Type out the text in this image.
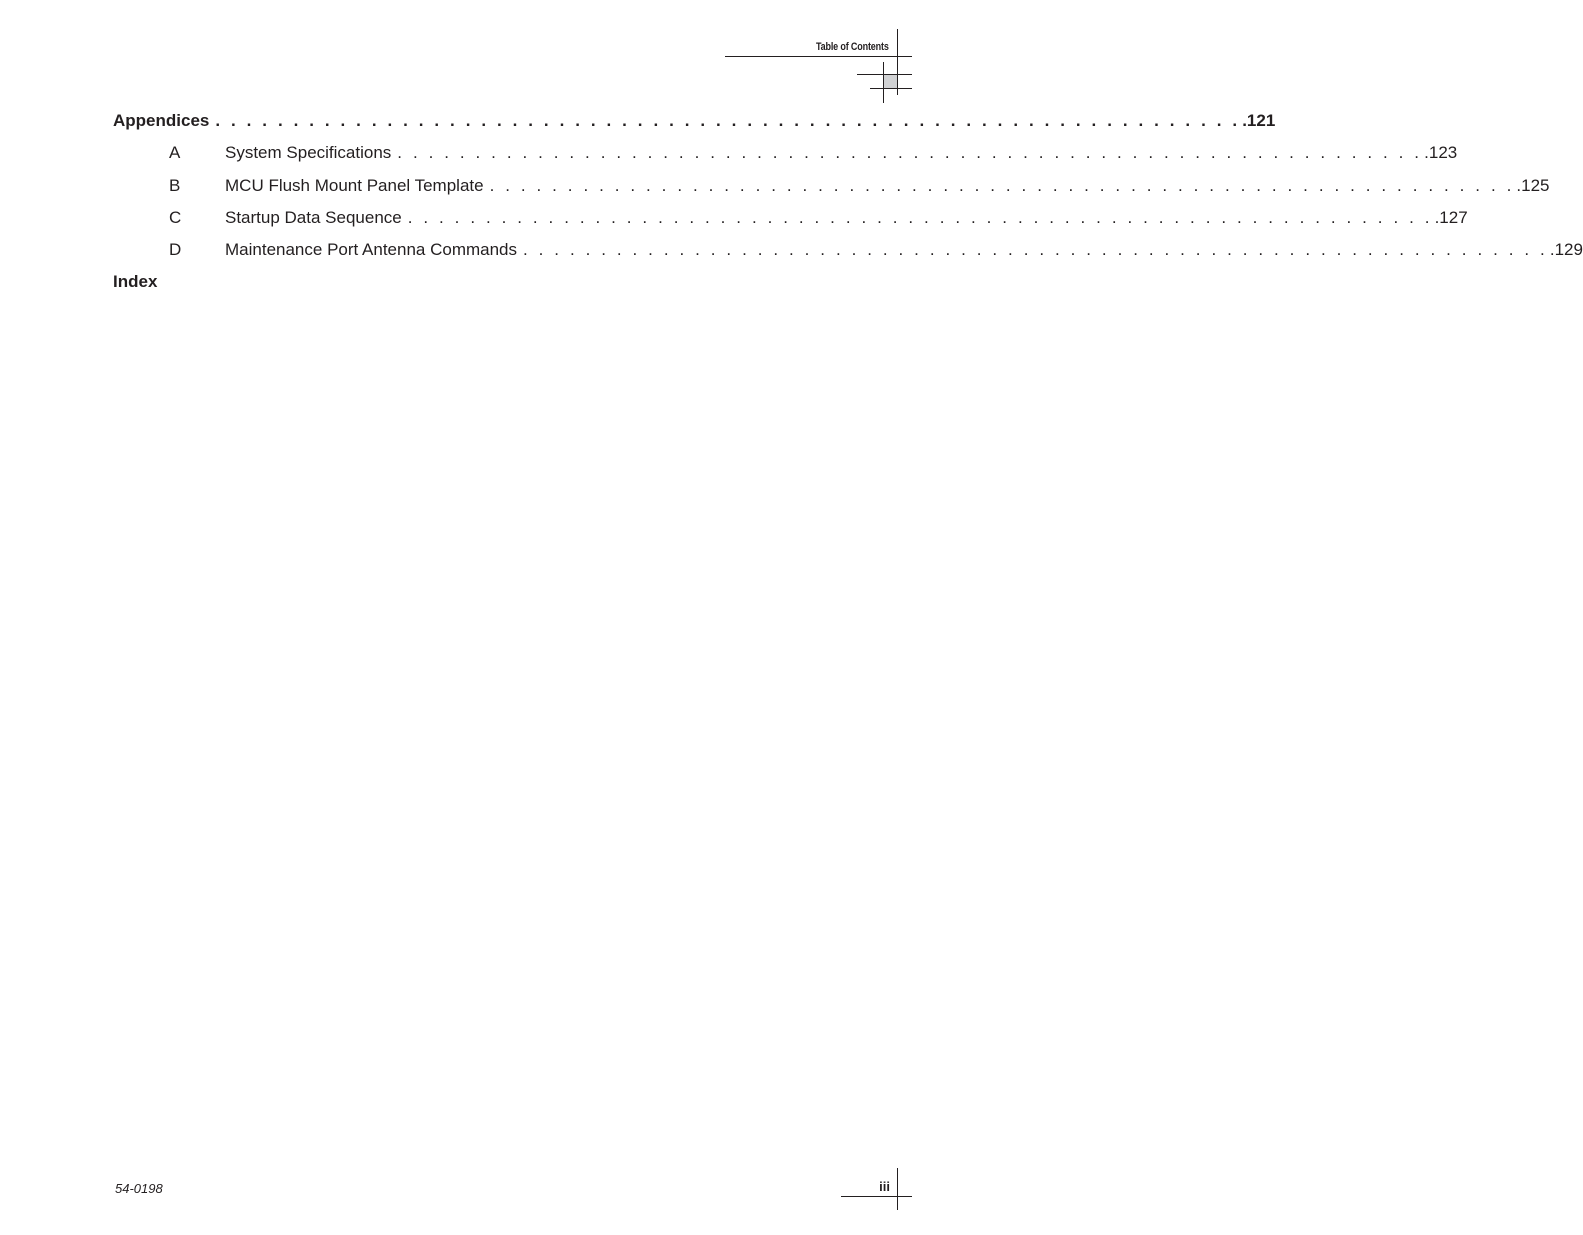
Table of Contents
Appendices . . . . . . . . . . . . . . . . . . . . . . . . . . . . . . . . . . . . . . . . . . . . . . . . . . . . . . . . . . . . . . . . . . .121
A	System Specifications . . . . . . . . . . . . . . . . . . . . . . . . . . . . . . . . . . . . . . . . . . . . . . . . . . . . . . . . . . . . . . . . . . .123
B	MCU Flush Mount Panel Template . . . . . . . . . . . . . . . . . . . . . . . . . . . . . . . . . . . . . . . . . . . . . . . . . . . . . . . . . . . . . . . . . . .125
C	Startup Data Sequence . . . . . . . . . . . . . . . . . . . . . . . . . . . . . . . . . . . . . . . . . . . . . . . . . . . . . . . . . . . . . . . . . . .127
D	Maintenance Port Antenna Commands . . . . . . . . . . . . . . . . . . . . . . . . . . . . . . . . . . . . . . . . . . . . . . . . . . . . . . . . . . . . . . . . . . .129
Index
54-0198	iii
